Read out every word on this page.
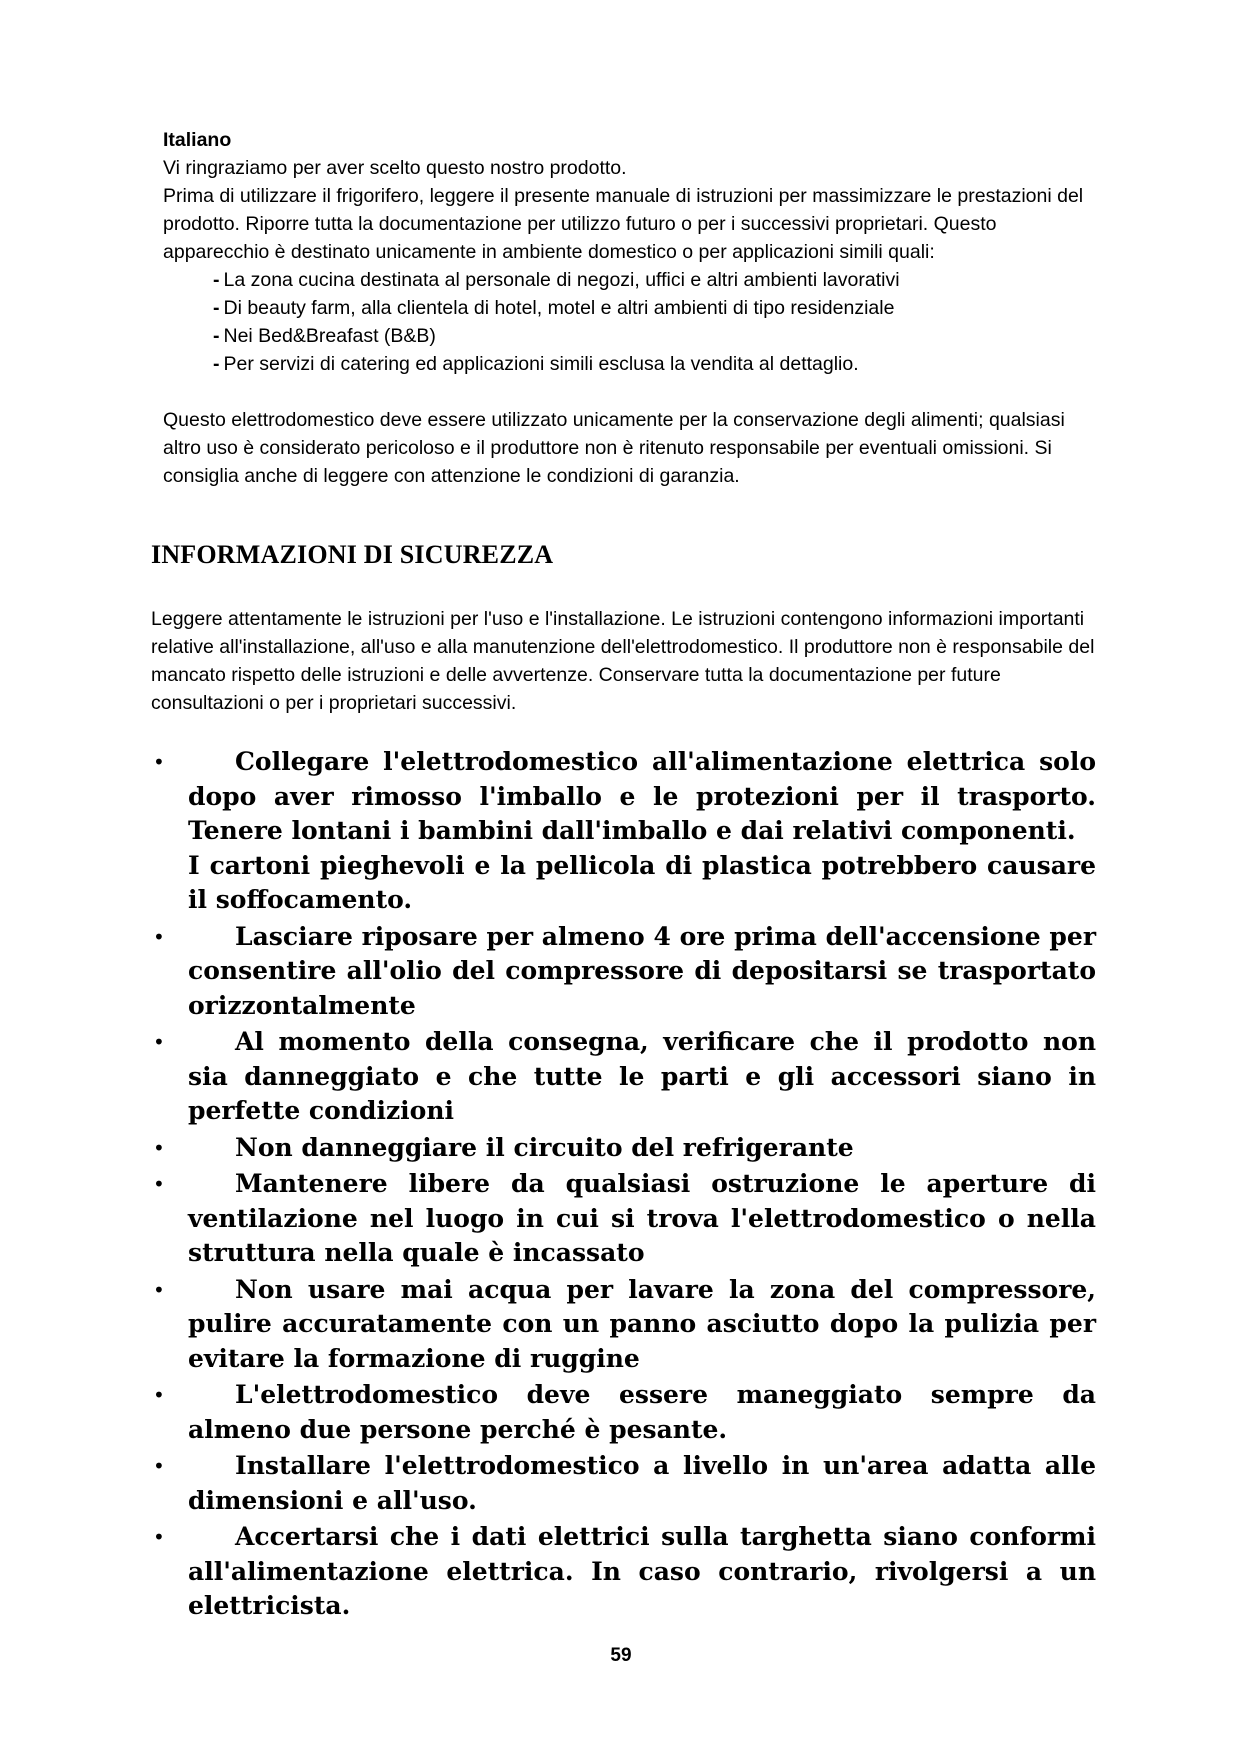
Italiano

Vi ringraziamo per aver scelto questo nostro prodotto.

Prima di utilizzare il frigorifero, leggere il presente manuale di istruzioni per massimizzare le prestazioni del prodotto. Riporre tutta la documentazione per utilizzo futuro o per i successivi proprietari. Questo apparecchio è destinato unicamente in ambiente domestico o per applicazioni simili quali:

- La zona cucina destinata al personale di negozi, uffici e altri ambienti lavorativi
- Di beauty farm, alla clientela di hotel, motel e altri ambienti di tipo residenziale
- Nei Bed&Breafast (B&B)
- Per servizi di catering ed applicazioni simili esclusa la vendita al dettaglio.

Questo elettrodomestico deve essere utilizzato unicamente per la conservazione degli alimenti; qualsiasi altro uso è considerato pericoloso e il produttore non è ritenuto responsabile per eventuali omissioni. Si consiglia anche di leggere con attenzione le condizioni di garanzia.

INFORMAZIONI DI SICUREZZA

Leggere attentamente le istruzioni per l'uso e l'installazione. Le istruzioni contengono informazioni importanti relative all'installazione, all'uso e alla manutenzione dell'elettrodomestico. Il produttore non è responsabile del mancato rispetto delle istruzioni e delle avvertenze. Conservare tutta la documentazione per future consultazioni o per i proprietari successivi.

•	Collegare l'elettrodomestico all'alimentazione elettrica solo dopo aver rimosso l'imballo e le protezioni per il trasporto. Tenere lontani i bambini dall'imballo e dai relativi componenti.
I cartoni pieghevoli e la pellicola di plastica potrebbero causare il soffocamento.
•	Lasciare riposare per almeno 4 ore prima dell'accensione per consentire all'olio del compressore di depositarsi se trasportato orizzontalmente
•	Al momento della consegna, verificare che il prodotto non sia danneggiato e che tutte le parti e gli accessori siano in perfette condizioni
•	Non danneggiare il circuito del refrigerante
•	Mantenere libere da qualsiasi ostruzione le aperture di ventilazione nel luogo in cui si trova l'elettrodomestico o nella struttura nella quale è incassato
•	Non usare mai acqua per lavare la zona del compressore, pulire accuratamente con un panno asciutto dopo la pulizia per evitare la formazione di ruggine
•	L'elettrodomestico deve essere maneggiato sempre da almeno due persone perché è pesante.
•	Installare l'elettrodomestico a livello in un'area adatta alle dimensioni e all'uso.
•	Accertarsi che i dati elettrici sulla targhetta siano conformi all'alimentazione elettrica. In caso contrario, rivolgersi a un elettricista.
59
